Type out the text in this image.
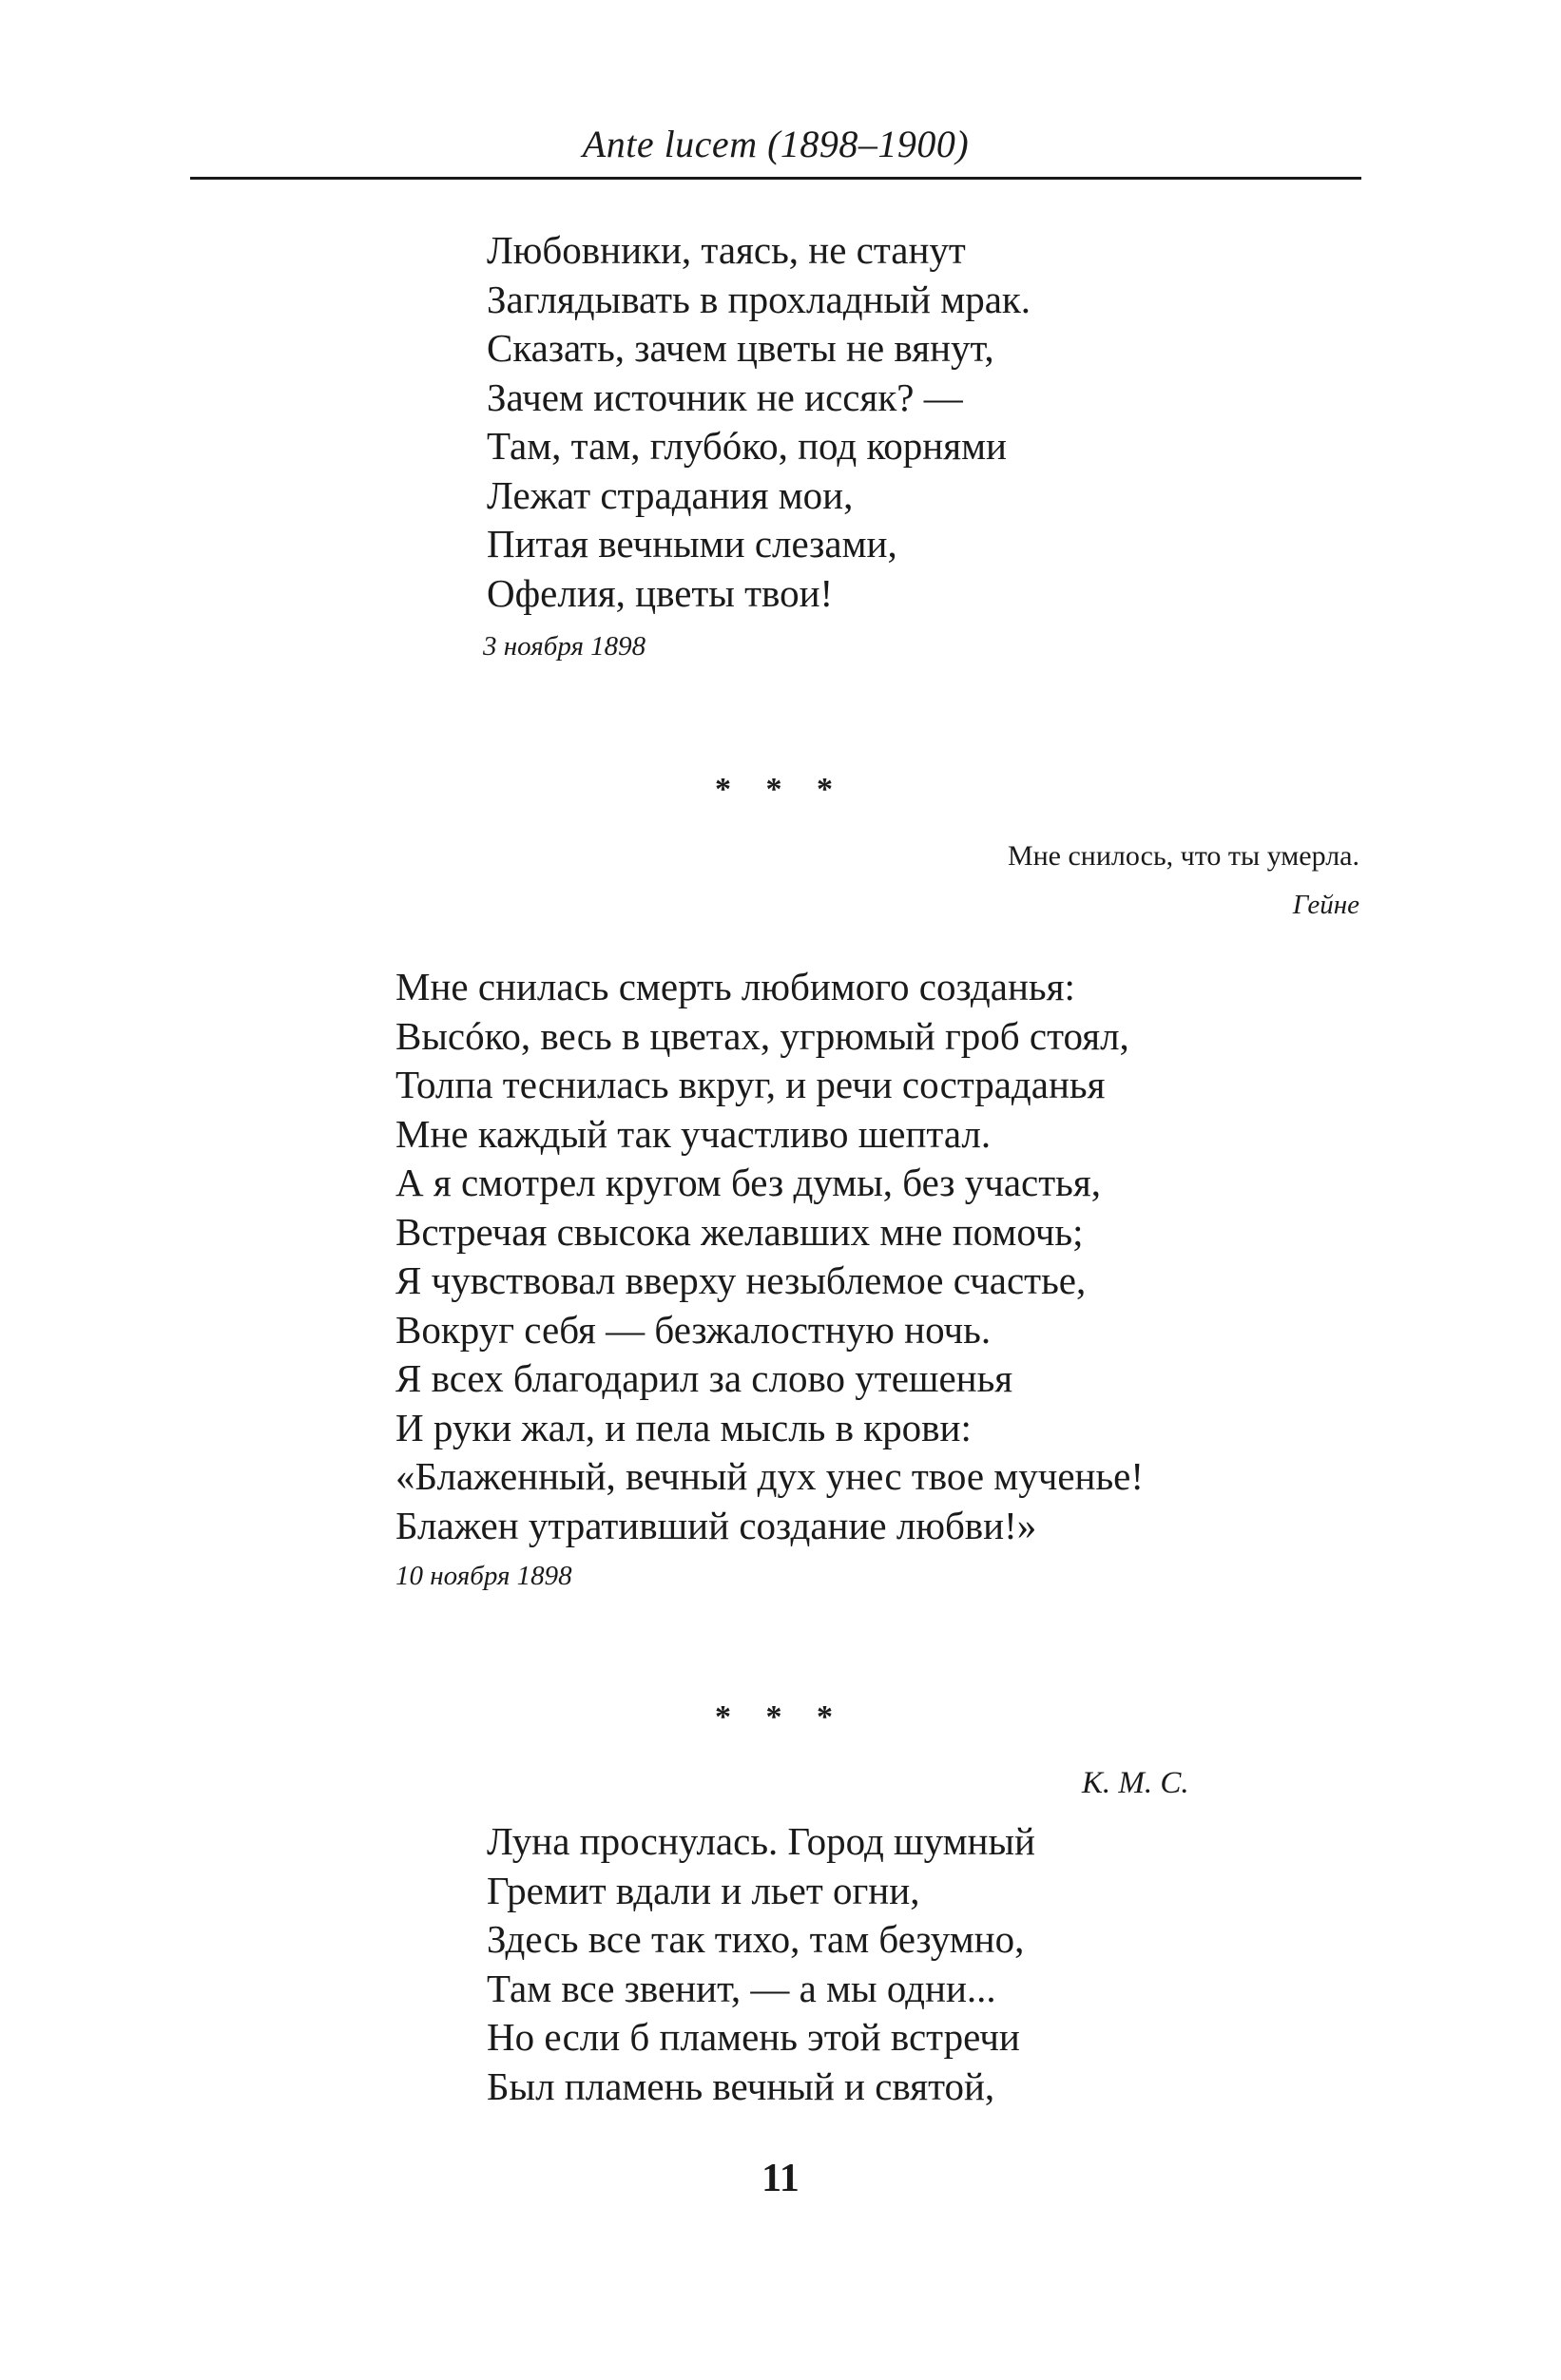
Ante lucem (1898–1900)
Любовники, таясь, не станут
Заглядывать в прохладный мрак.
Сказать, зачем цветы не вянут,
Зачем источник не иссяк? —
Там, там, глубóко, под корнями
Лежат страдания мои,
Питая вечными слезами,
Офелия, цветы твои!
3 ноября 1898
* * *
Мне снилось, что ты умерла.
Гейне
Мне снилась смерть любимого созданья:
Высóко, весь в цветах, угрюмый гроб стоял,
Толпа теснилась вкруг, и речи состраданья
Мне каждый так участливо шептал.
А я смотрел кругом без думы, без участья,
Встречая свысока желавших мне помочь;
Я чувствовал вверху незыблемое счастье,
Вокруг себя — безжалостную ночь.
Я всех благодарил за слово утешенья
И руки жал, и пела мысль в крови:
«Блаженный, вечный дух унес твое мученье!
Блажен утративший создание любви!»
10 ноября 1898
* * *
К. М. С.
Луна проснулась. Город шумный
Гремит вдали и льет огни,
Здесь все так тихо, там безумно,
Там все звенит, — а мы одни...
Но если б пламень этой встречи
Был пламень вечный и святой,
11
